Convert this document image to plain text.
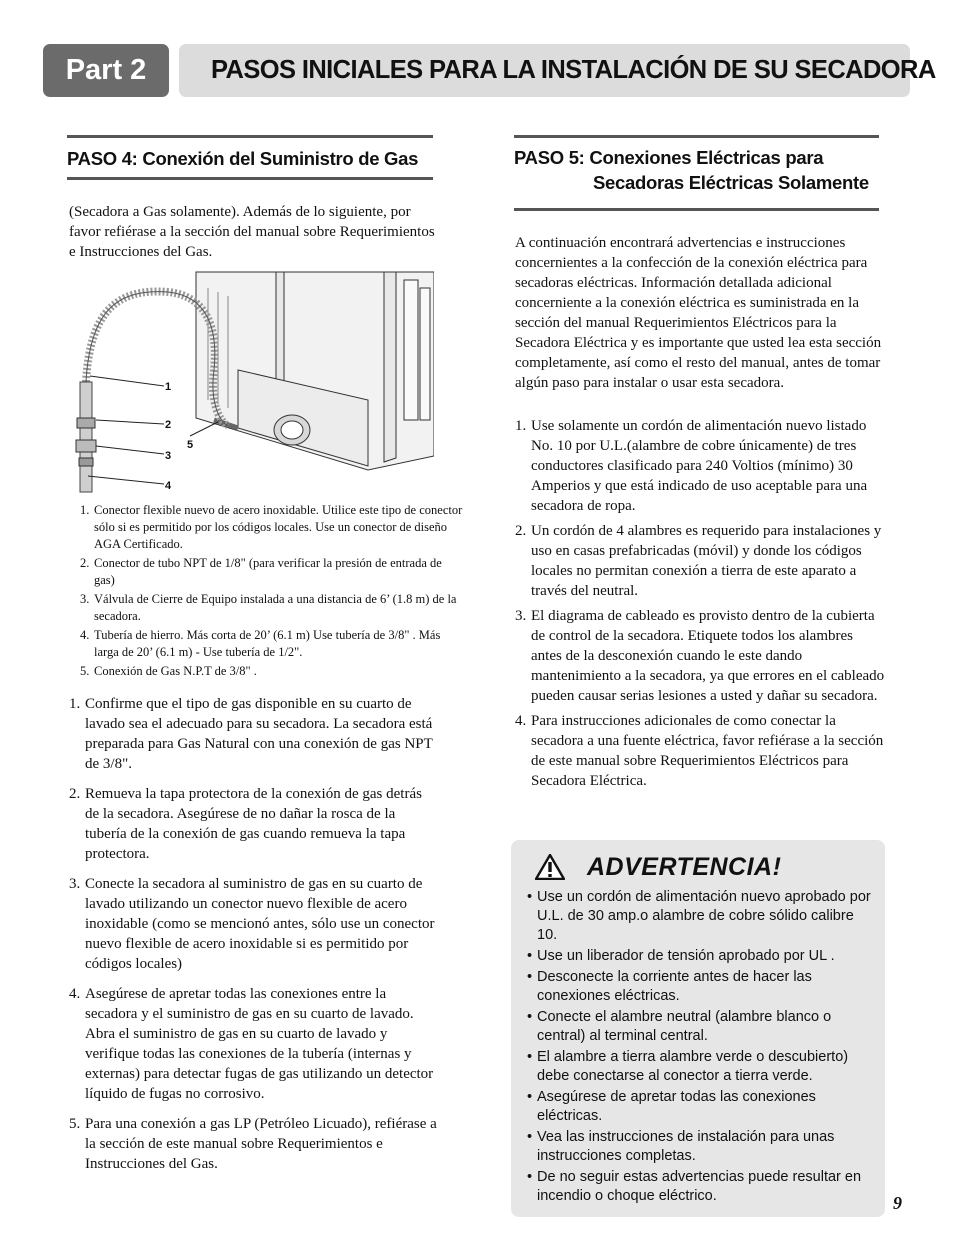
Part 2	PASOS INICIALES PARA LA INSTALACIÓN DE SU SECADORA
PASO 4: Conexión del Suministro de Gas
(Secadora a Gas solamente). Además de lo siguiente, por favor refiérase a la sección del manual sobre Requerimientos e Instrucciones del Gas.
1
2
3
4
5
1. Conector flexible nuevo de acero inoxidable. Utilice este tipo de conector sólo si es permitido por los códigos locales. Use un conector de diseño AGA Certificado.
2. Conector de tubo NPT de 1/8" (para verificar la presión de entrada de gas)
3. Válvula de Cierre de Equipo instalada a una distancia de 6’ (1.8 m) de la secadora.
4. Tubería de hierro. Más corta de 20’ (6.1 m) Use tubería de 3/8" . Más larga de 20’ (6.1 m) - Use tubería de 1/2".
5. Conexión de Gas N.P.T de 3/8" .
1. Confirme que el tipo de gas disponible en su cuarto de lavado sea el adecuado para su secadora. La secadora está preparada para Gas Natural con una conexión de gas NPT de 3/8".
2. Remueva la tapa protectora de la conexión de gas detrás de la secadora. Asegúrese de no dañar la rosca de la tubería de la conexión de gas cuando remueva la tapa protectora.
3. Conecte la secadora al suministro de gas en su cuarto de lavado utilizando un conector nuevo flexible de acero inoxidable (como se mencionó antes, sólo use un conector nuevo flexible de acero inoxidable si es permitido por códigos locales)
4. Asegúrese de apretar todas las conexiones entre la secadora y el suministro de gas en su cuarto de lavado. Abra el suministro de gas en su cuarto de lavado y verifique todas las conexiones de la tubería (internas y externas) para detectar fugas de gas utilizando un detector líquido de fugas no corrosivo.
5. Para una conexión a gas LP (Petróleo Licuado), refiérase a la sección de este manual sobre Requerimientos e Instrucciones del Gas.
PASO 5: Conexiones Eléctricas para
Secadoras Eléctricas Solamente
A continuación encontrará advertencias e instrucciones concernientes a la confección de la conexión eléctrica para secadoras eléctricas. Información detallada adicional concerniente a la conexión eléctrica es suministrada en la sección del manual Requerimientos Eléctricos para la Secadora Eléctrica y es importante que usted lea esta sección completamente, así como el resto del manual, antes de tomar algún paso para instalar o usar esta secadora.
1. Use solamente un cordón de alimentación nuevo listado No. 10 por U.L.(alambre de cobre únicamente) de tres conductores clasificado para 240 Voltios (mínimo) 30 Amperios y que está indicado de uso aceptable para una secadora de ropa.
2. Un cordón de 4 alambres es requerido para instalaciones y uso en casas prefabricadas (móvil) y donde los códigos locales no permitan conexión a tierra de este aparato a través del neutral.
3. El diagrama de cableado es provisto dentro de la cubierta de control de la secadora. Etiquete todos los alambres antes de la desconexión cuando le este dando mantenimiento a la secadora, ya que errores en el cableado pueden causar serias lesiones a usted y dañar su secadora.
4. Para instrucciones adicionales de como conectar la secadora a una fuente eléctrica, favor refiérase a la sección de este manual sobre Requerimientos Eléctricos para Secadora Eléctrica.
ADVERTENCIA!
• Use un cordón de alimentación nuevo aprobado por U.L. de 30 amp.o alambre de cobre sólido calibre 10.
• Use un liberador de tensión aprobado por UL .
• Desconecte la corriente antes de hacer las conexiones eléctricas.
• Conecte el alambre neutral (alambre blanco o central) al terminal central.
• El alambre a tierra alambre verde o descubierto) debe conectarse al conector a tierra verde.
• Asegúrese de apretar todas las conexiones eléctricas.
• Vea las instrucciones de instalación para unas instrucciones completas.
• De no seguir estas advertencias puede resultar en incendio o choque eléctrico.	9
